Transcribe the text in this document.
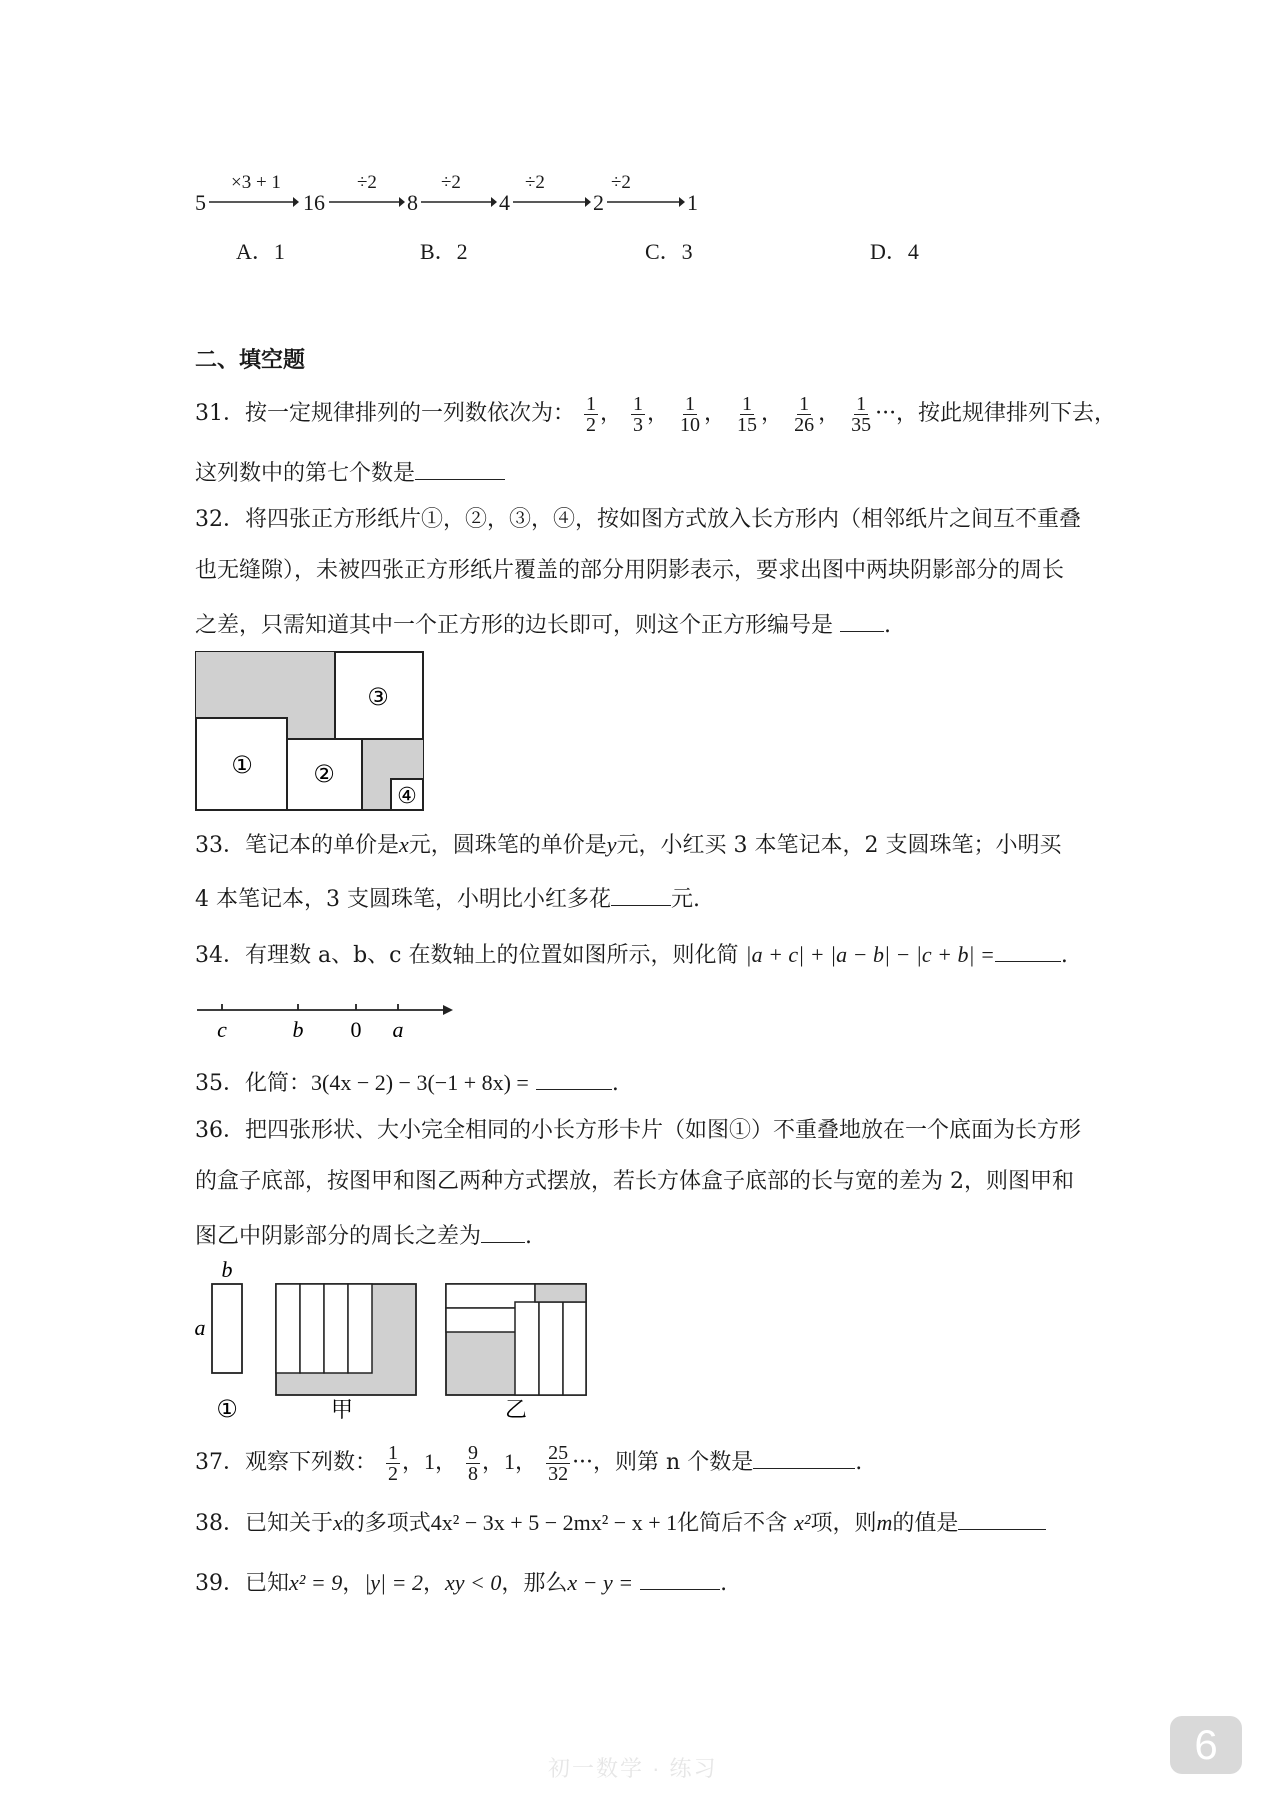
5
×3 + 1
16
÷2
8
÷2
4
÷2
2
÷2
1
A．1	B．2	C．3	D．4
二、填空题
31．按一定规律排列的一列数依次为： $\frac{1}{2}$ ， $\frac{1}{3}$ ， $\frac{1}{10}$ ， $\frac{1}{15}$ ， $\frac{1}{26}$ ， $\frac{1}{35}$ ···，按此规律排列下去，
这列数中的第七个数是
32．将四张正方形纸片①，②，③，④，按如图方式放入长方形内（相邻纸片之间互不重叠
也无缝隙），未被四张正方形纸片覆盖的部分用阴影表示，要求出图中两块阴影部分的周长
之差，只需知道其中一个正方形的边长即可，则这个正方形编号是 .
③
①	②
④
33．笔记本的单价是x元，圆珠笔的单价是y元，小红买 3 本笔记本，2 支圆珠笔；小明买
4 本笔记本，3 支圆珠笔，小明比小红多花	元.
34．有理数 a、b、c 在数轴上的位置如图所示，则化简 |a + c| + |a − b| − |c + b| =	.
c	b 0 a
35．化简：3(4x − 2) − 3(−1 + 8x) =	.
36．把四张形状、大小完全相同的小长方形卡片（如图①）不重叠地放在一个底面为长方形
的盒子底部，按图甲和图乙两种方式摆放，若长方体盒子底部的长与宽的差为 2，则图甲和
图乙中阴影部分的周长之差为 .
b
a
①	甲	乙
37．观察下列数： $\frac{1}{2}$ ，1， $\frac{9}{8}$ ，1， $\frac{25}{32}$ ···，则第 n 个数是	.
38．已知关于x的多项式4x² − 3x + 5 − 2mx² − x + 1化简后不含 x²项，则m的值是
39．已知x² = 9，|y| = 2，xy < 0，那么x − y =	.
初一数学 · 练习
6
